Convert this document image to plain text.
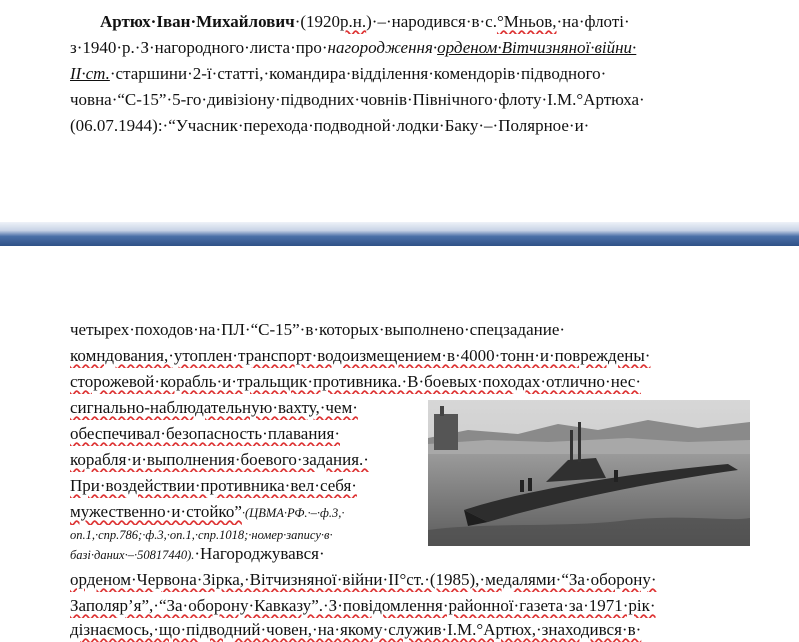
Артюх·Іван·Михайлович·(1920р.н.)·–·народився·в·с.°Мньов,·на·флоті·
з·1940·р.·З·нагородного·листа·про·нагородження·орденом·Вітчизняної·війни·
ІІ·ст.·старшини·2-ї·статті,·командира·відділення·комендорів·підводного·
човна·“С-15”·5-го·дивізіону·підводних·човнів·Північного·флоту·І.М.°Артюха·
(06.07.1944):·“Учасник·перехода·подводной·лодки·Баку·–·Полярное·и·
четырех·походов·на·ПЛ·“С-15”·в·которых·выполнено·спецзадание·
комндования,·утоплен·транспорт·водоизмещением·в·4000·тонн·и·повреждены·
сторожевой·корабль·и·тральщик·противника.·В·боевых·походах·отлично·нес·
сигнально-наблюдательную·вахту,·чем·
обеспечивал·безопасность·плавания·
корабля·и·выполнения·боевого·задания.·
При·воздействии·противника·вел·себя·
мужественно·и·стойко”·(ЦВМА·РФ.·–·ф.3,·
оп.1,·спр.786;·ф.3,·оп.1,·спр.1018;·номер·запису·в·
базі·даних·–·50817440).·Нагороджувався·
орденом·Червона·Зірка,·Вітчизняної·війни·ІІ°ст.·(1985),·медалями·“За·оборону·
Заполяр’я”,·“За·оборону·Кавказу”.·З·повідомлення·районної·газета·за·1971·рік·
дізнаємось,·що·підводний·човен,·на·якому·служив·І.М.°Артюх,·знаходився·в·
